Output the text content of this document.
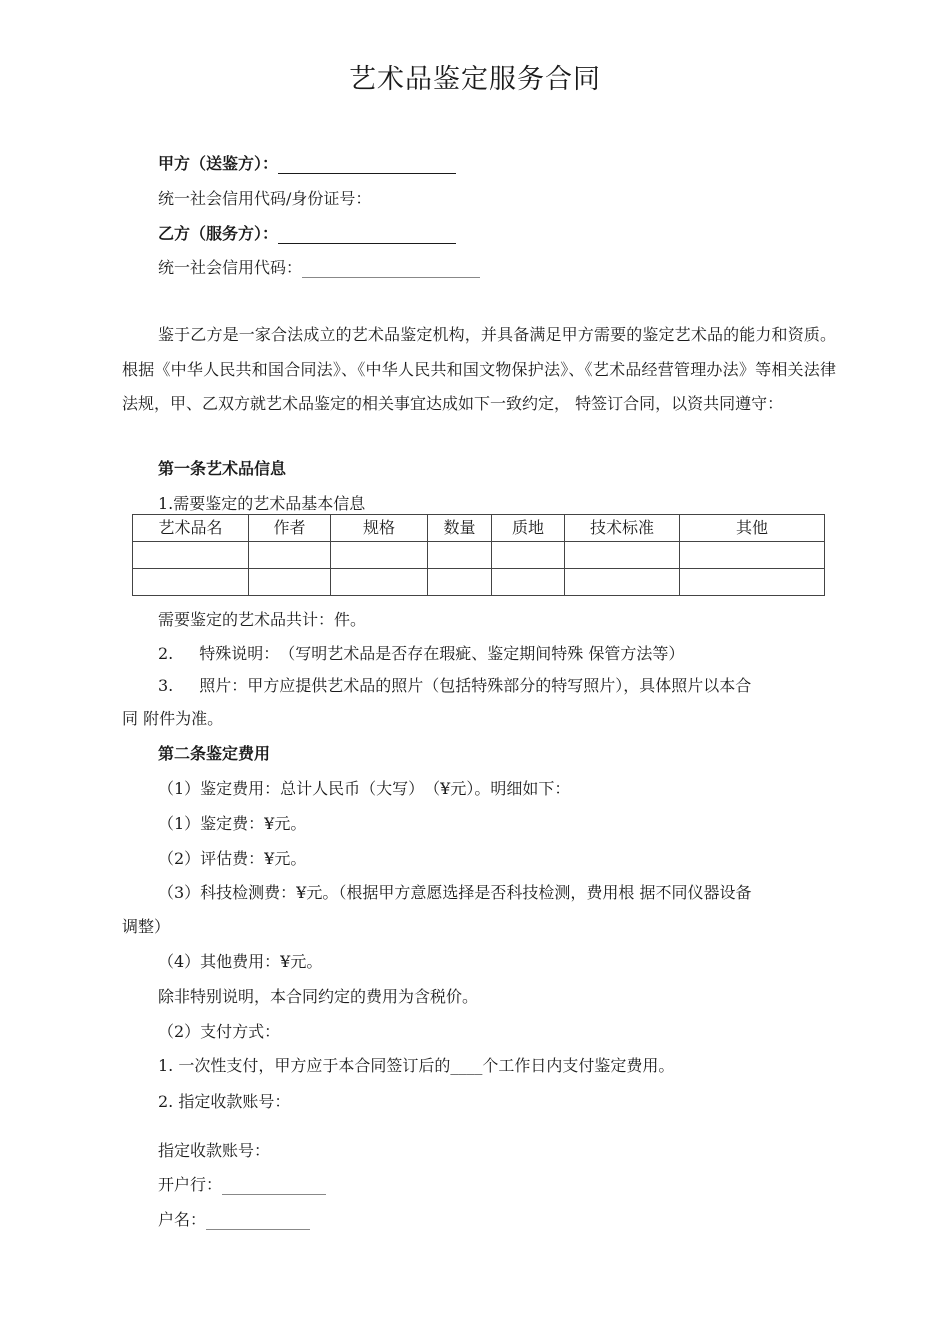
艺术品鉴定服务合同
甲方（送鉴方）：
统一社会信用代码/身份证号：
乙方（服务方）：
统一社会信用代码：
鉴于乙方是一家合法成立的艺术品鉴定机构，并具备满足甲方需要的鉴定艺术品的能力和资质。根据《中华人民共和国合同法》、《中华人民共和国文物保护法》、《艺术品经营管理办法》等相关法律法规，甲、乙双方就艺术品鉴定的相关事宜达成如下一致约定， 特签订合同，以资共同遵守：
第一条艺术品信息
1.需要鉴定的艺术品基本信息
艺术品名	作者	规格	数量	质地	技术标准	其他

需要鉴定的艺术品共计：件。
2. 特殊说明：　（写明艺术品是否存在瑕疵、鉴定期间特殊 保管方法等）
3. 照片：甲方应提供艺术品的照片（包括特殊部分的特写照片），具体照片以本合
同 附件为准。
第二条鉴定费用
（1）鉴定费用：总计人民币（大写）　（¥元）。明细如下：
（1）鉴定费：¥元。
（2）评估费：¥元。
（3）科技检测费：¥元。（根据甲方意愿选择是否科技检测，费用根 据不同仪器设备
调整）
（4）其他费用：¥元。
除非特别说明，本合同约定的费用为含税价。
（2）支付方式：
1. 一次性支付，甲方应于本合同签订后的____个工作日内支付鉴定费用。
2. 指定收款账号：
指定收款账号：
开户行：
户名：
